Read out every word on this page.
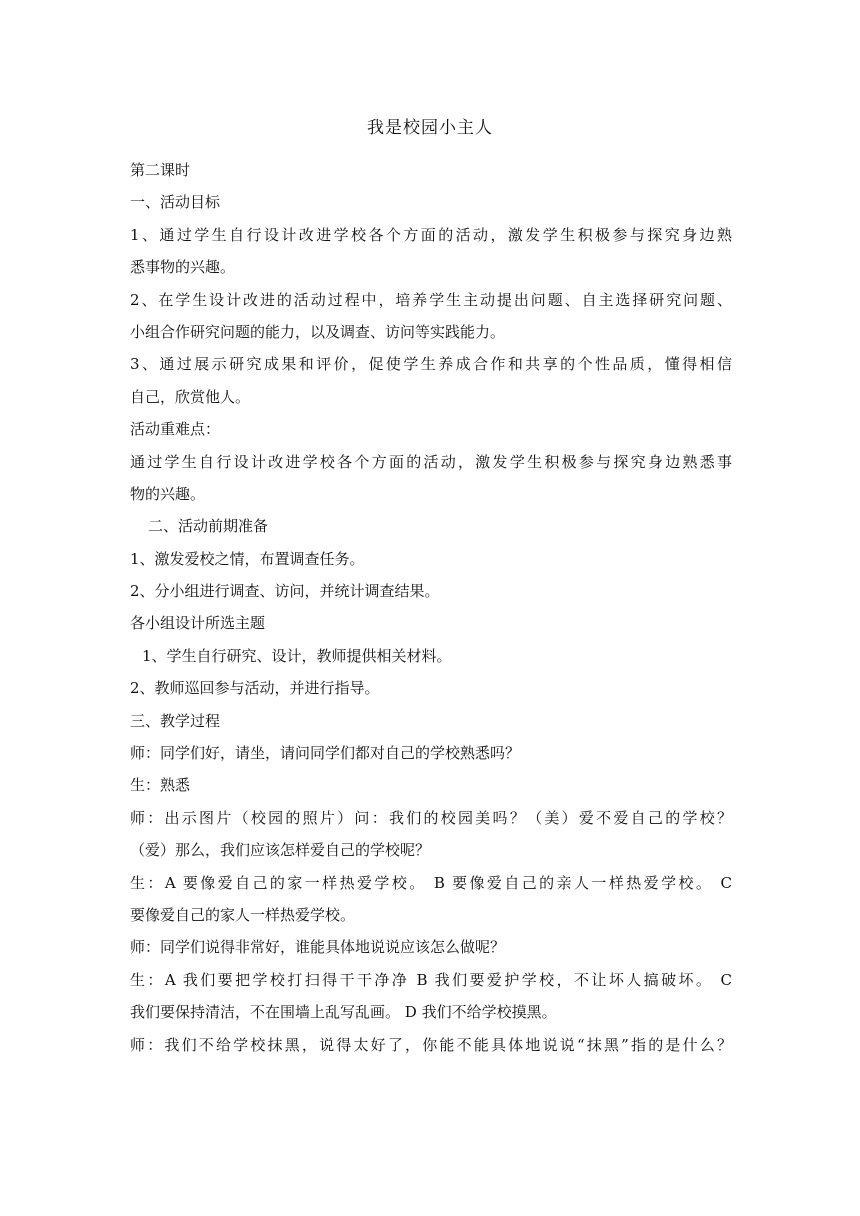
我是校园小主人
第二课时
一、活动目标
1、通过学生自行设计改进学校各个方面的活动，激发学生积极参与探究身边熟
悉事物的兴趣。
2、在学生设计改进的活动过程中，培养学生主动提出问题、自主选择研究问题、
小组合作研究问题的能力，以及调查、访问等实践能力。
3、通过展示研究成果和评价，促使学生养成合作和共享的个性品质，懂得相信
自己，欣赏他人。
活动重难点：
通过学生自行设计改进学校各个方面的活动，激发学生积极参与探究身边熟悉事
物的兴趣。
二、活动前期准备
1、激发爱校之情，布置调查任务。
2、分小组进行调查、访问，并统计调查结果。
各小组设计所选主题
1、学生自行研究、设计，教师提供相关材料。
2、教师巡回参与活动，并进行指导。
三、教学过程
师：同学们好，请坐，请问同学们都对自己的学校熟悉吗？
生：熟悉
师：出示图片（校园的照片）问：我们的校园美吗？（美）爱不爱自己的学校？
（爱）那么，我们应该怎样爱自己的学校呢？
生：A 要像爱自己的家一样热爱学校。 B 要像爱自己的亲人一样热爱学校。 C
要像爱自己的家人一样热爱学校。
师：同学们说得非常好，谁能具体地说说应该怎么做呢？
生：A 我们要把学校打扫得干干净净 B 我们要爱护学校，不让坏人搞破坏。 C
我们要保持清洁，不在围墙上乱写乱画。 D 我们不给学校摸黑。
师：我们不给学校抹黑，说得太好了，你能不能具体地说说“抹黑”指的是什么？
